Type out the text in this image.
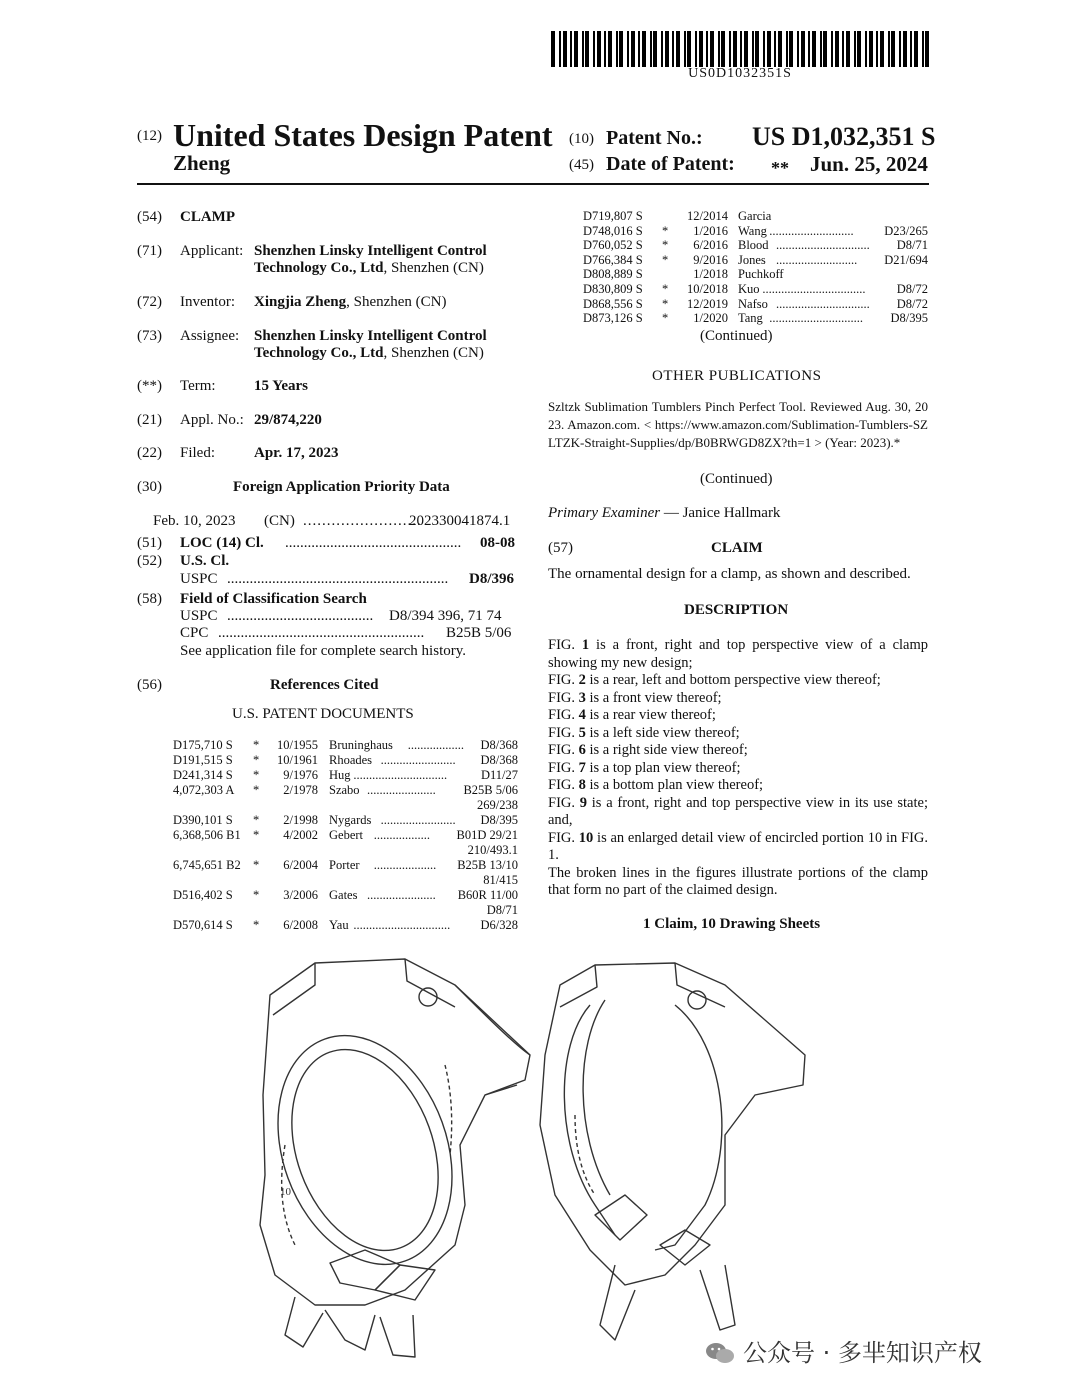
US0D1032351S
(12) United States Design Patent
Zheng
(10) Patent No.: US D1,032,351 S
(45) Date of Patent: ** Jun. 25, 2024
(54) CLAMP
(71) Applicant: Shenzhen Linsky Intelligent Control
Technology Co., Ltd, Shenzhen (CN)
(72) Inventor: Xingjia Zheng, Shenzhen (CN)
(73) Assignee: Shenzhen Linsky Intelligent Control
Technology Co., Ltd, Shenzhen (CN)
(**) Term:	15 Years
(21) Appl. No.: 29/874,220
(22) Filed:	Apr. 17, 2023
(30)	Foreign Application Priority Data
Feb. 10, 2023 (CN) .........................
202330041874.1
(51) LOC (14) Cl. ............................................... 08-08
(52) U.S. Cl.
USPC ...........................................................	D8/396
(58) Field of Classification Search
USPC .......................................	D8/394 396, 71 74
CPC .......................................................	B25B 5/06
See application file for complete search history.
(56)	References Cited
U.S. PATENT DOCUMENTS
D175,710 S *	10/1955 Bruninghaus ..................	D8/368
D191,515 S *	10/1961 Rhoades ........................	D8/368
D241,314 S *	9/1976 Hug ..............................	D11/27
4,072,303 A *	2/1978 Szabo ......................	B25B 5/06
269/238
D390,101 S *	2/1998 Nygards ........................	D8/395
6,368,506 B1 *	4/2002 Gebert ..................	B01D 29/21
210/493.1
6,745,651 B2 *	6/2004 Porter ....................	B25B 13/10
81/415
D516,402 S *	3/2006 Gates ......................	B60R 11/00
D8/71
D570,614 S *	6/2008 Yau ...............................	D6/328
D719,807 S	12/2014 Garcia
D748,016 S *	1/2016 Wang ...........................	D23/265
D760,052 S *	6/2016 Blood ..............................	D8/71
D766,384 S *	9/2016 Jones ..........................	D21/694
D808,889 S	1/2018 Puchkoff
D830,809 S *	10/2018 Kuo .................................	D8/72
D868,556 S *	12/2019 Nafso ..............................	D8/72
D873,126 S *	1/2020 Tang ..............................	D8/395
(Continued)
OTHER PUBLICATIONS
Szltzk Sublimation Tumblers Pinch Perfect Tool. Reviewed Aug. 30, 2023. Amazon.com. < https://www.amazon.com/Sublimation-Tumblers-SZLTZK-Straight-Supplies/dp/B0BRWGD8ZX?th=1 > (Year: 2023).*
(Continued)
Primary Examiner — Janice Hallmark
(57)	CLAIM
The ornamental design for a clamp, as shown and described.
DESCRIPTION
FIG. 1 is a front, right and top perspective view of a clamp showing my new design;
FIG. 2 is a rear, left and bottom perspective view thereof;
FIG. 3 is a front view thereof;
FIG. 4 is a rear view thereof;
FIG. 5 is a left side view thereof;
FIG. 6 is a right side view thereof;
FIG. 7 is a top plan view thereof;
FIG. 8 is a bottom plan view thereof;
FIG. 9 is a front, right and top perspective view in its use state; and,
FIG. 10 is an enlarged detail view of encircled portion 10 in FIG. 1.
The broken lines in the figures illustrate portions of the clamp that form no part of the claimed design.
1 Claim, 10 Drawing Sheets
10
公众号 · 多芈知识产权
